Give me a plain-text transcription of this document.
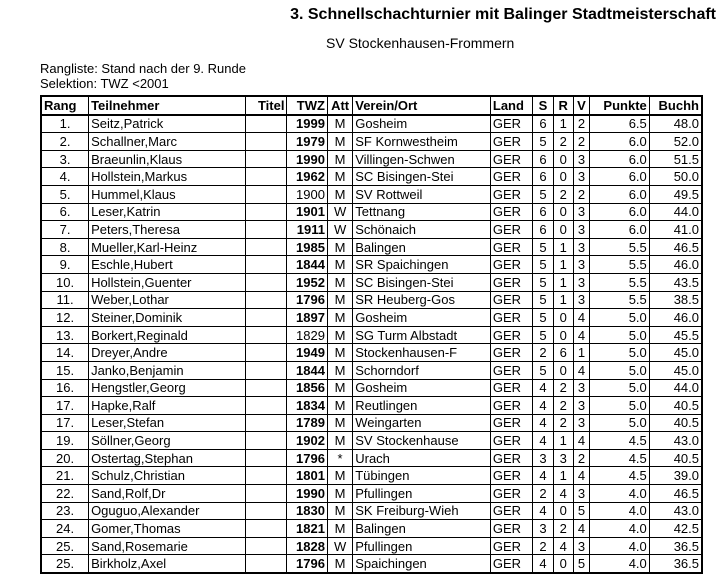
3. Schnellschachturnier mit Balinger Stadtmeisterschaft
SV Stockenhausen-Frommern
Rangliste: Stand nach der 9. Runde
Selektion: TWZ <2001
Rang	Teilnehmer	Titel	TWZ	Att	Verein/Ort	Land	S	R	V	Punkte	Buchh
1.	Seitz,Patrick		1999	M	Gosheim	GER	6	1	2	6.5	48.0
2.	Schallner,Marc		1979	M	SF Kornwestheim	GER	5	2	2	6.0	52.0
3.	Braeunlin,Klaus		1990	M	Villingen-Schwen	GER	6	0	3	6.0	51.5
4.	Hollstein,Markus		1962	M	SC Bisingen-Stei	GER	6	0	3	6.0	50.0
5.	Hummel,Klaus		1900	M	SV Rottweil	GER	5	2	2	6.0	49.5
6.	Leser,Katrin		1901	W	Tettnang	GER	6	0	3	6.0	44.0
7.	Peters,Theresa		1911	W	Schönaich	GER	6	0	3	6.0	41.0
8.	Mueller,Karl-Heinz		1985	M	Balingen	GER	5	1	3	5.5	46.5
9.	Eschle,Hubert		1844	M	SR Spaichingen	GER	5	1	3	5.5	46.0
10.	Hollstein,Guenter		1952	M	SC Bisingen-Stei	GER	5	1	3	5.5	43.5
11.	Weber,Lothar		1796	M	SR Heuberg-Gos	GER	5	1	3	5.5	38.5
12.	Steiner,Dominik		1897	M	Gosheim	GER	5	0	4	5.0	46.0
13.	Borkert,Reginald		1829	M	SG Turm Albstadt	GER	5	0	4	5.0	45.5
14.	Dreyer,Andre		1949	M	Stockenhausen-F	GER	2	6	1	5.0	45.0
15.	Janko,Benjamin		1844	M	Schorndorf	GER	5	0	4	5.0	45.0
16.	Hengstler,Georg		1856	M	Gosheim	GER	4	2	3	5.0	44.0
17.	Hapke,Ralf		1834	M	Reutlingen	GER	4	2	3	5.0	40.5
17.	Leser,Stefan		1789	M	Weingarten	GER	4	2	3	5.0	40.5
19.	Söllner,Georg		1902	M	SV Stockenhause	GER	4	1	4	4.5	43.0
20.	Ostertag,Stephan		1796	*	Urach	GER	3	3	2	4.5	40.5
21.	Schulz,Christian		1801	M	Tübingen	GER	4	1	4	4.5	39.0
22.	Sand,Rolf,Dr		1990	M	Pfullingen	GER	2	4	3	4.0	46.5
23.	Oguguo,Alexander		1830	M	SK Freiburg-Wieh	GER	4	0	5	4.0	43.0
24.	Gomer,Thomas		1821	M	Balingen	GER	3	2	4	4.0	42.5
25.	Sand,Rosemarie		1828	W	Pfullingen	GER	2	4	3	4.0	36.5
25.	Birkholz,Axel		1796	M	Spaichingen	GER	4	0	5	4.0	36.5
